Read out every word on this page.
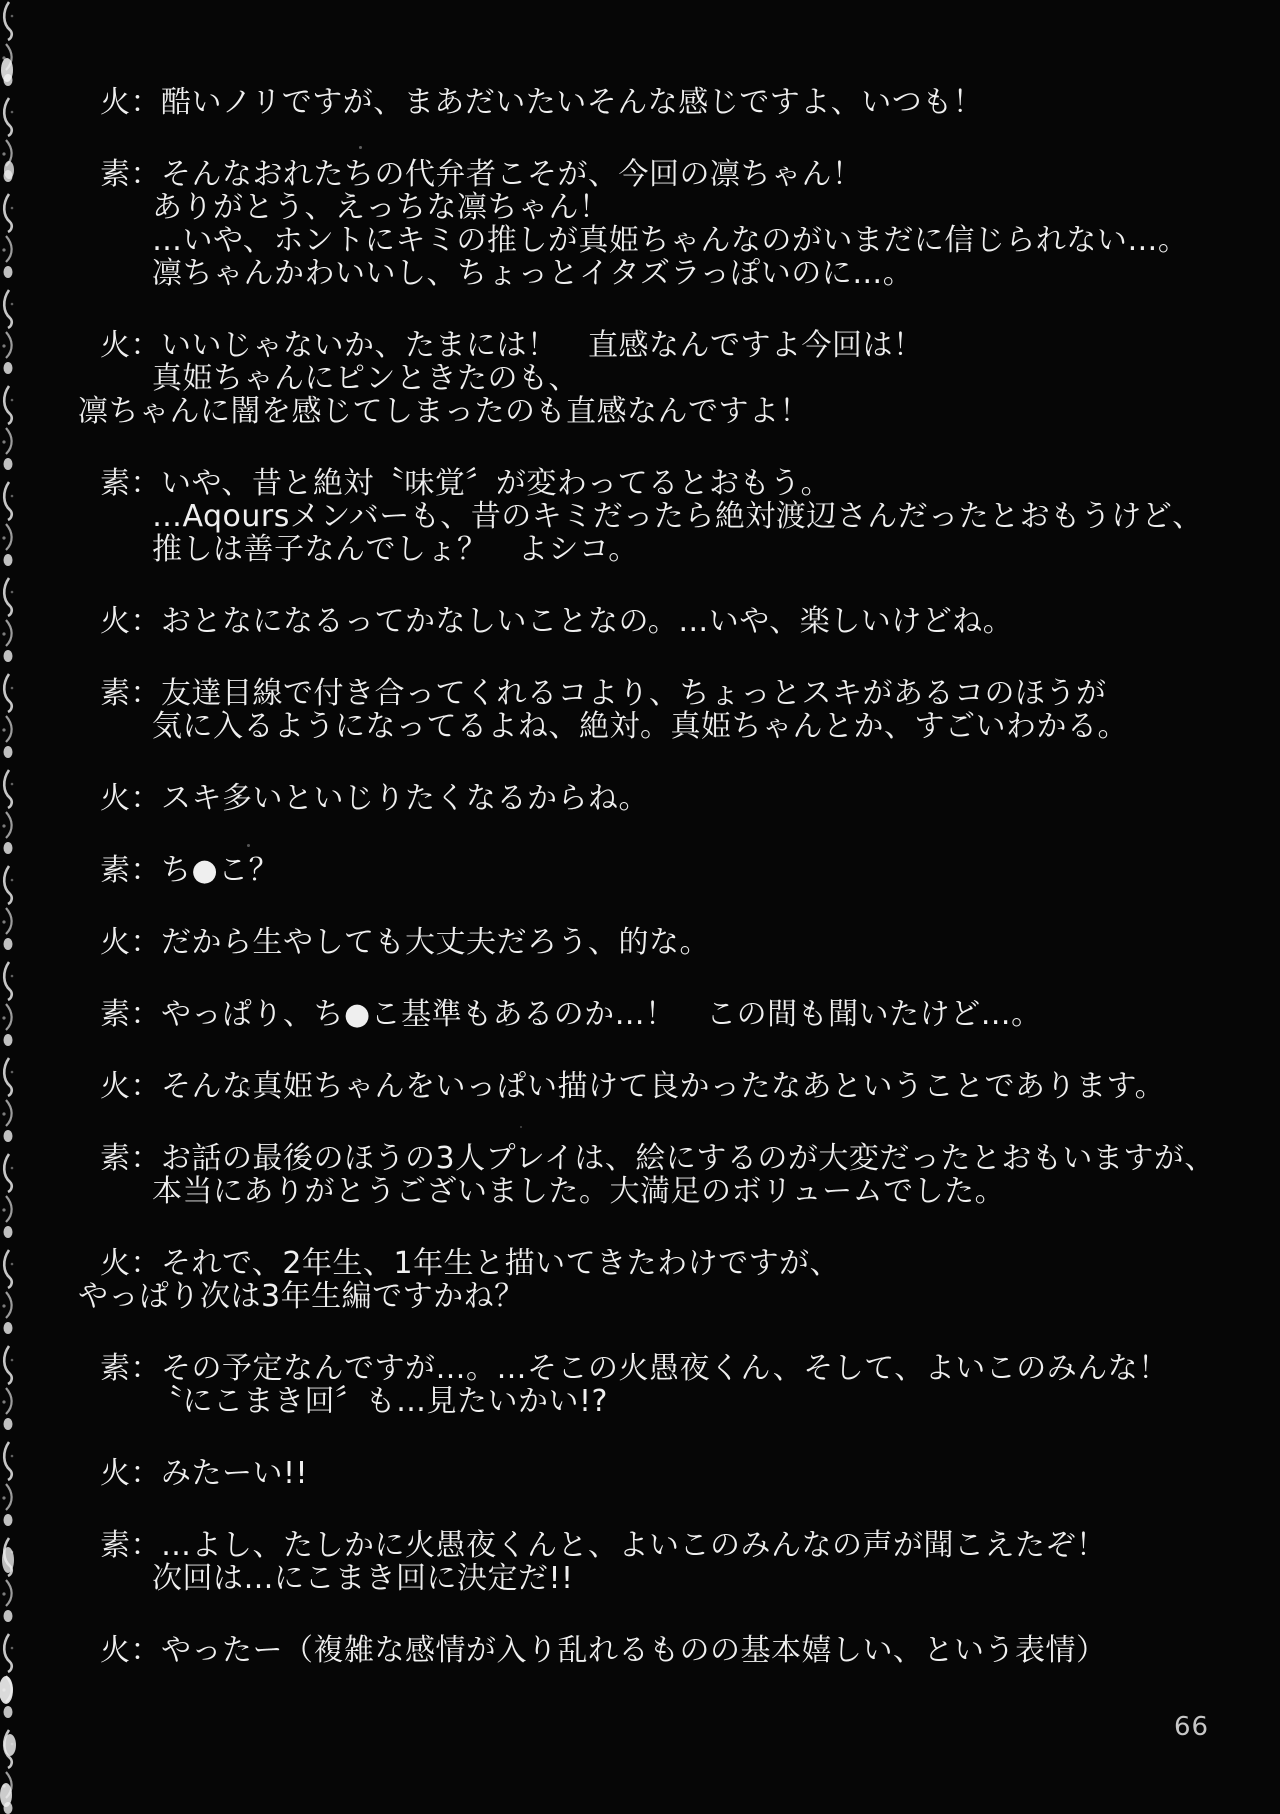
火：酷いノリですが、まあだいたいそんな感じですよ、いつも！
素：そんなおれたちの代弁者こそが、今回の凛ちゃん！
ありがとう、えっちな凛ちゃん！
…いや、ホントにキミの推しが真姫ちゃんなのがいまだに信じられない…。
凛ちゃんかわいいし、ちょっとイタズラっぽいのに…。
火：いいじゃないか、たまには！　直感なんですよ今回は！
真姫ちゃんにピンときたのも、
凛ちゃんに闇を感じてしまったのも直感なんですよ！
素：いや、昔と絶対〝味覚〞が変わってるとおもう。
…Aqoursメンバーも、昔のキミだったら絶対渡辺さんだったとおもうけど、
推しは善子なんでしょ？　よシコ。
火：おとなになるってかなしいことなの。…いや、楽しいけどね。
素：友達目線で付き合ってくれるコより、ちょっとスキがあるコのほうが
気に入るようになってるよね、絶対。真姫ちゃんとか、すごいわかる。
火：スキ多いといじりたくなるからね。
素：ち●こ？
火：だから生やしても大丈夫だろう、的な。
素：やっぱり、ち●こ基準もあるのか…！　この間も聞いたけど…。
火：そんな真姫ちゃんをいっぱい描けて良かったなあということであります。
素：お話の最後のほうの3人プレイは、絵にするのが大変だったとおもいますが、
本当にありがとうございました。大満足のボリュームでした。
火：それで、2年生、1年生と描いてきたわけですが、
やっぱり次は3年生編ですかね？
素：その予定なんですが…。…そこの火愚夜くん、そして、よいこのみんな！
〝にこまき回〞も…見たいかい!?
火：みたーい!!
素：…よし、たしかに火愚夜くんと、よいこのみんなの声が聞こえたぞ！
次回は…にこまき回に決定だ!!
火：やったー（複雑な感情が入り乱れるものの基本嬉しい、という表情）
66
